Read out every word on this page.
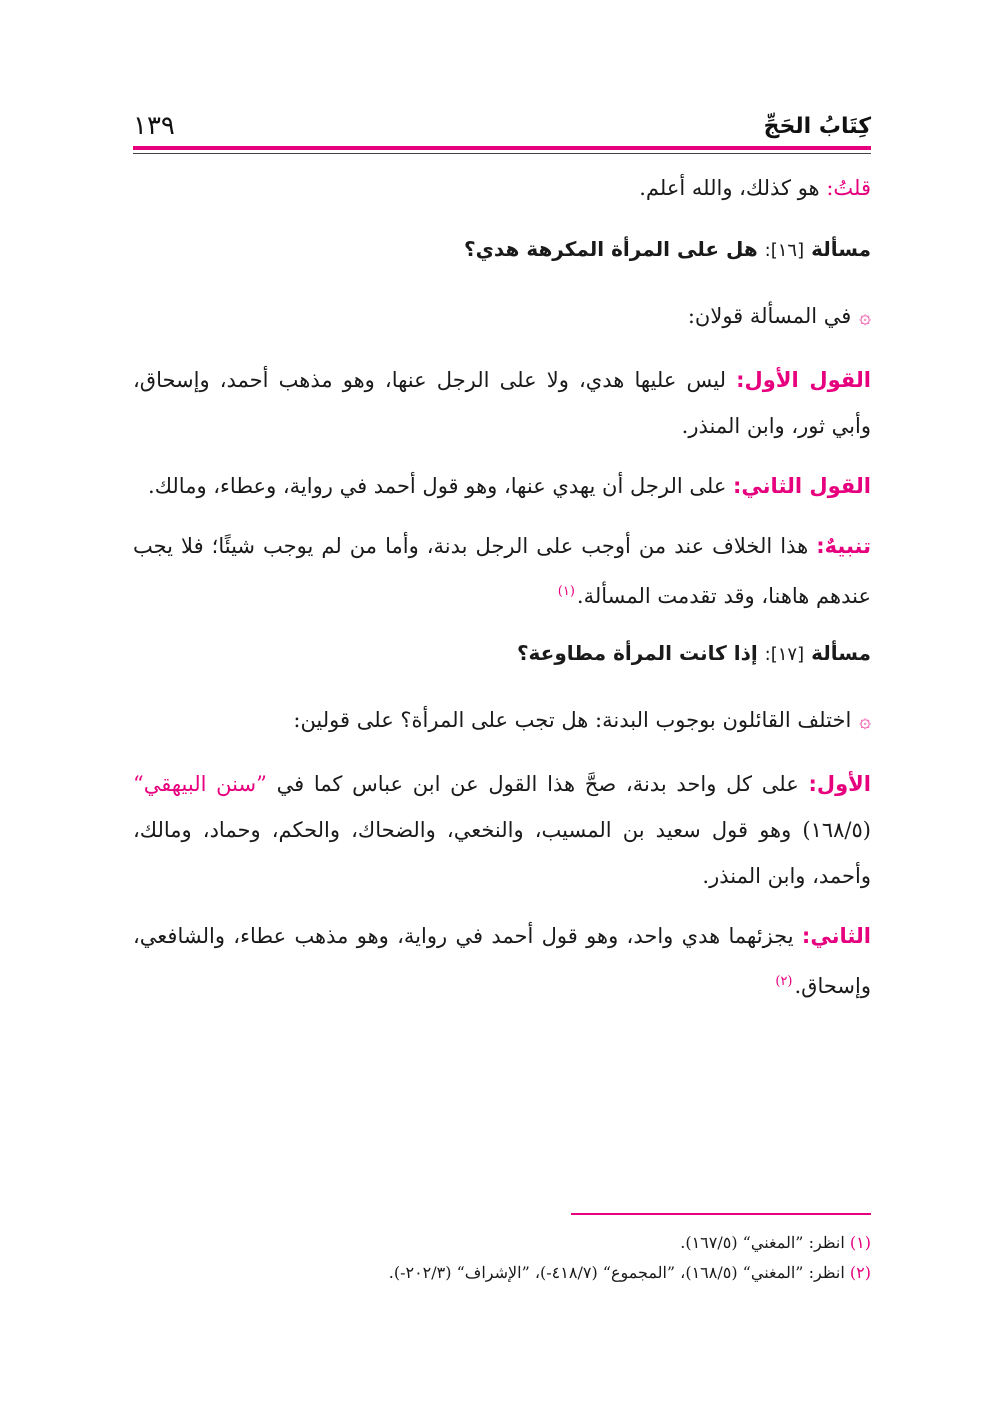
كِتَابُ الحَجِّ
١٣٩

قلتُ: هو كذلك، والله أعلم.

مسألة [١٦]: هل على المرأة المكرهة هدي؟

۞في المسألة قولان:

القول الأول: ليس عليها هدي، ولا على الرجل عنها، وهو مذهب أحمد، وإسحاق، وأبي ثور، وابن المنذر.

القول الثاني: على الرجل أن يهدي عنها، وهو قول أحمد في رواية، وعطاء، ومالك.

تنبيهٌ: هذا الخلاف عند من أوجب على الرجل بدنة، وأما من لم يوجب شيئًا؛ فلا يجب عندهم هاهنا، وقد تقدمت المسألة.$^{(١)}$

مسألة [١٧]: إذا كانت المرأة مطاوعة؟

۞اختلف القائلون بوجوب البدنة: هل تجب على المرأة؟ على قولين:

الأول: على كل واحد بدنة، صحَّ هذا القول عن ابن عباس كما في ”سنن البيهقي“ (١٦٨/٥) وهو قول سعيد بن المسيب، والنخعي، والضحاك، والحكم، وحماد، ومالك، وأحمد، وابن المنذر.

الثاني: يجزئهما هدي واحد، وهو قول أحمد في رواية، وهو مذهب عطاء، والشافعي، وإسحاق.$^{(٢)}$

(١) انظر: ”المغني“ (١٦٧/٥).
(٢) انظر: ”المغني“ (١٦٨/٥)، ”المجموع“ (٤١٨/٧-)، ”الإشراف“ (٢٠٢/٣-).
